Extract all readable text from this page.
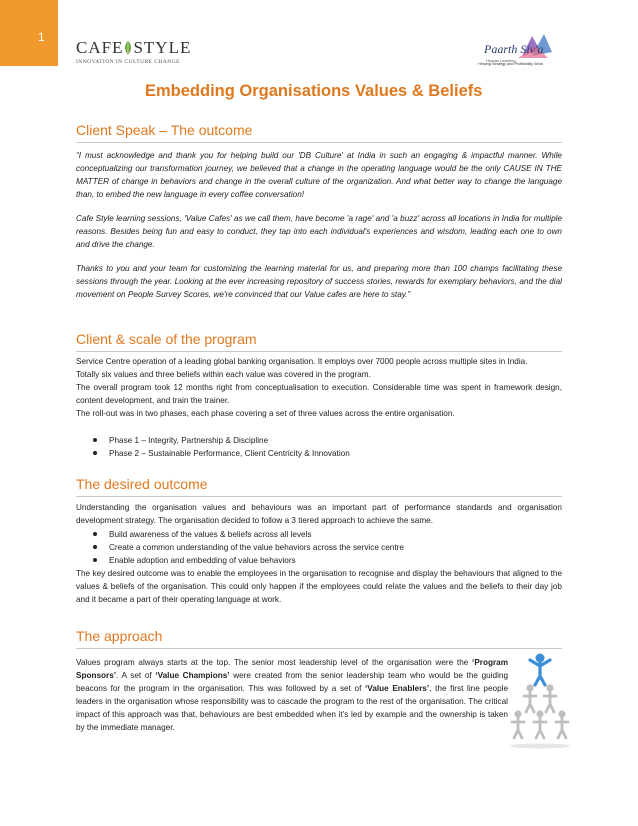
1
CAFE STYLE
INNOVATION IN CULTURE CHANGE
Paarth Siv'a
Human Learning
Helping Strategy and Profitability Work
Embedding Organisations Values & Beliefs
Client Speak – The outcome

“I must acknowledge and thank you for helping build our 'DB Culture' at India in such an engaging & impactful manner. While conceptualizing our transformation journey, we believed that a change in the operating language would be the only CAUSE IN THE MATTER of change in behaviors and change in the overall culture of the organization. And what better way to change the language than, to embed the new language in every coffee conversation!

Cafe Style learning sessions, 'Value Cafes' as we call them, have become 'a rage' and 'a buzz' across all locations in India for multiple reasons. Besides being fun and easy to conduct, they tap into each individual's experiences and wisdom, leading each one to own and drive the change.

Thanks to you and your team for customizing the learning material for us, and preparing more than 100 champs facilitating these sessions through the year. Looking at the ever increasing repository of success stories, rewards for exemplary behaviors, and the dial movement on People Survey Scores, we're convinced that our Value cafes are here to stay.”

Client & scale of the program

Service Centre operation of a leading global banking organisation. It employs over 7000 people across multiple sites in India.
Totally six values and three beliefs within each value was covered in the program.
The overall program took 12 months right from conceptualisation to execution. Considerable time was spent in framework design, content development, and train the trainer.
The roll-out was in two phases, each phase covering a set of three values across the entire organisation.

Phase 1 – Integrity, Partnership & Discipline
Phase 2 – Sustainable Performance, Client Centricity & Innovation
The desired outcome

Understanding the organisation values and behaviours was an important part of performance standards and organisation development strategy. The organisation decided to follow a 3 tiered approach to achieve the same.

Build awareness of the values & beliefs across all levels
Create a common understanding of the value behaviors across the service centre
Enable adoption and embedding of value behaviors

The key desired outcome was to enable the employees in the organisation to recognise and display the behaviours that aligned to the values & beliefs of the organisation. This could only happen if the employees could relate the values and the beliefs to their day job and it became a part of their operating language at work.

The approach

Values program always starts at the top. The senior most leadership level of the organisation were the ‘Program Sponsors’. A set of ‘Value Champions’ were created from the senior leadership team who would be the guiding beacons for the program in the organisation. This was followed by a set of ‘Value Enablers’, the first line people leaders in the organisation whose responsibility was to cascade the program to the rest of the organisation. The critical impact of this approach was that, behaviours are best embedded when it’s led by example and the ownership is taken by the immediate manager.
